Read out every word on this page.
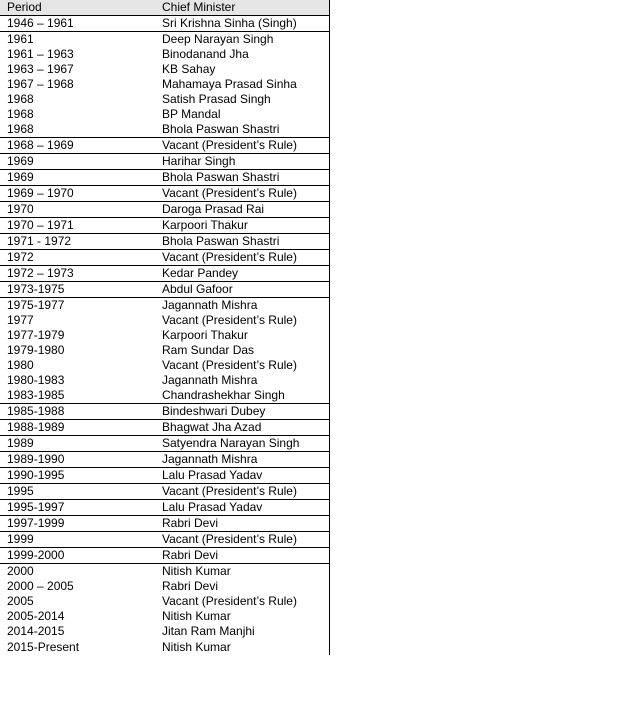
Period	Chief Minister
1946 – 1961	Sri Krishna Sinha (Singh)
1961	Deep Narayan Singh
1961 – 1963	Binodanand Jha
1963 – 1967	KB Sahay
1967 – 1968	Mahamaya Prasad Sinha
1968	Satish Prasad Singh
1968	BP Mandal
1968	Bhola Paswan Shastri
1968 – 1969	Vacant (President’s Rule)
1969	Harihar Singh
1969	Bhola Paswan Shastri
1969 – 1970	Vacant (President’s Rule)
1970	Daroga Prasad Rai
1970 – 1971	Karpoori Thakur
1971 - 1972	Bhola Paswan Shastri
1972	Vacant (President’s Rule)
1972 – 1973	Kedar Pandey
1973-1975	Abdul Gafoor
1975-1977	Jagannath Mishra
1977	Vacant (President’s Rule)
1977-1979	Karpoori Thakur
1979-1980	Ram Sundar Das
1980	Vacant (President’s Rule)
1980-1983	Jagannath Mishra
1983-1985	Chandrashekhar Singh
1985-1988	Bindeshwari Dubey
1988-1989	Bhagwat Jha Azad
1989	Satyendra Narayan Singh
1989-1990	Jagannath Mishra
1990-1995	Lalu Prasad Yadav
1995	Vacant (President’s Rule)
1995-1997	Lalu Prasad Yadav
1997-1999	Rabri Devi
1999	Vacant (President’s Rule)
1999-2000	Rabri Devi
2000	Nitish Kumar
2000 – 2005	Rabri Devi
2005	Vacant (President’s Rule)
2005-2014	Nitish Kumar
2014-2015	Jitan Ram Manjhi
2015-Present	Nitish Kumar
